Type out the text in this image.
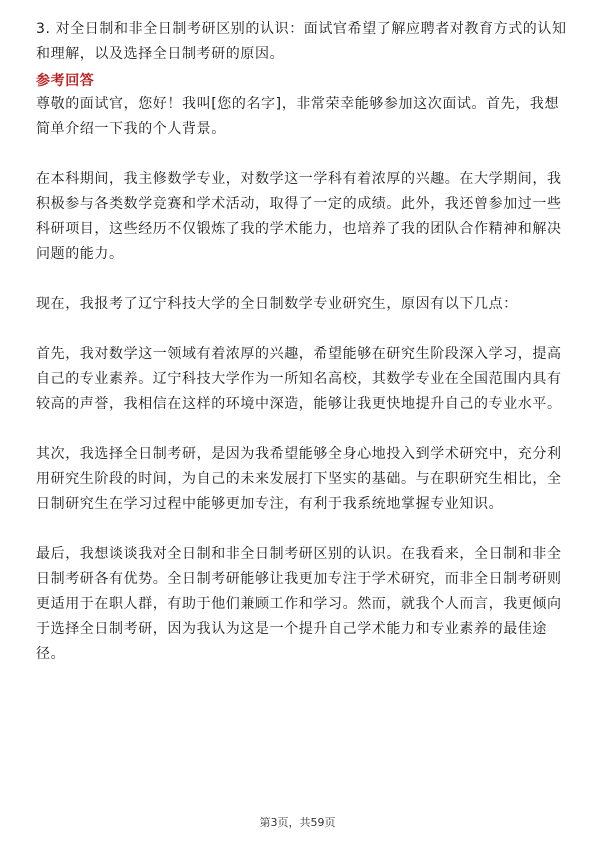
3. 对全日制和非全日制考研区别的认识：面试官希望了解应聘者对教育方式的认知
和理解，以及选择全日制考研的原因。
参考回答
尊敬的面试官，您好！我叫[您的名字]，非常荣幸能够参加这次面试。首先，我想
简单介绍一下我的个人背景。
在本科期间，我主修数学专业，对数学这一学科有着浓厚的兴趣。在大学期间，我
积极参与各类数学竞赛和学术活动，取得了一定的成绩。此外，我还曾参加过一些
科研项目，这些经历不仅锻炼了我的学术能力，也培养了我的团队合作精神和解决
问题的能力。
现在，我报考了辽宁科技大学的全日制数学专业研究生，原因有以下几点：
首先，我对数学这一领域有着浓厚的兴趣，希望能够在研究生阶段深入学习，提高
自己的专业素养。辽宁科技大学作为一所知名高校，其数学专业在全国范围内具有
较高的声誉，我相信在这样的环境中深造，能够让我更快地提升自己的专业水平。
其次，我选择全日制考研，是因为我希望能够全身心地投入到学术研究中，充分利
用研究生阶段的时间，为自己的未来发展打下坚实的基础。与在职研究生相比，全
日制研究生在学习过程中能够更加专注，有利于我系统地掌握专业知识。
最后，我想谈谈我对全日制和非全日制考研区别的认识。在我看来，全日制和非全
日制考研各有优势。全日制考研能够让我更加专注于学术研究，而非全日制考研则
更适用于在职人群，有助于他们兼顾工作和学习。然而，就我个人而言，我更倾向
于选择全日制考研，因为我认为这是一个提升自己学术能力和专业素养的最佳途
径。
第3页，共59页
